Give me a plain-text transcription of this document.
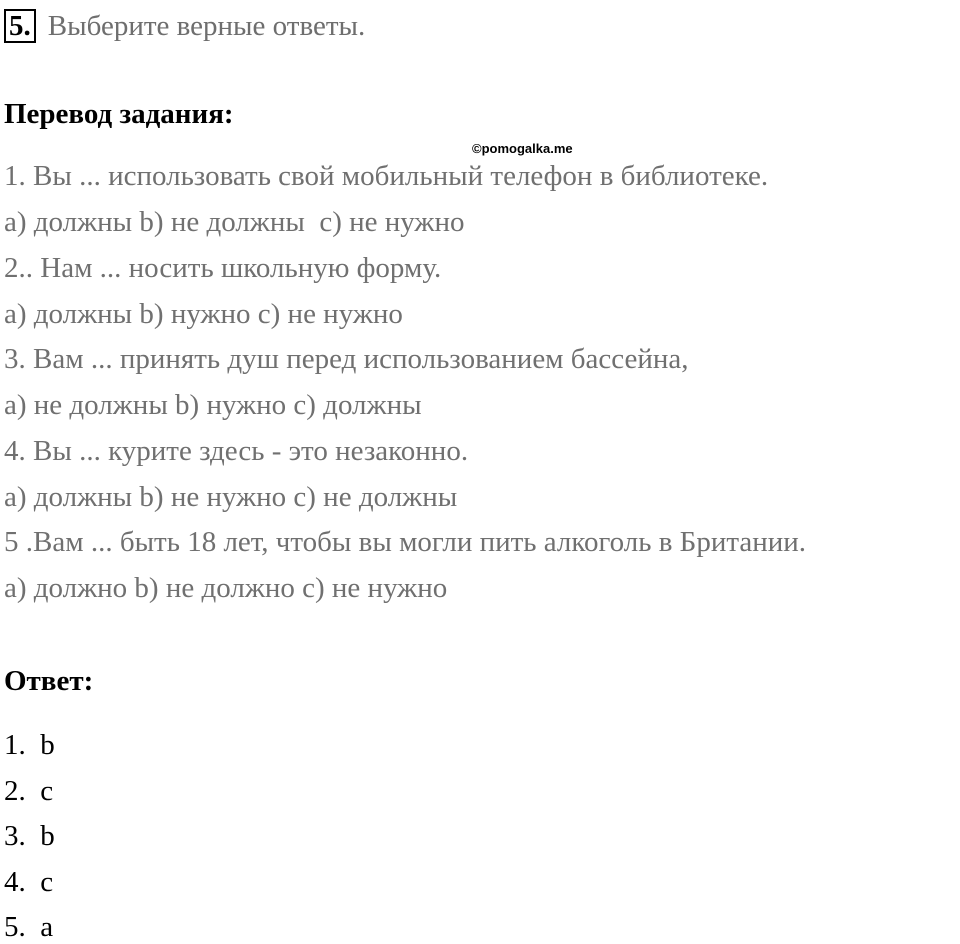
5. Выберите верные ответы.
Перевод задания:
©pomogalka.me
1. Вы ... использовать свой мобильный телефон в библиотеке.
a) должны b) не должны  c) не нужно
2.. Нам ... носить школьную форму.
a) должны b) нужно c) не нужно
3. Вам ... принять душ перед использованием бассейна,
a) не должны b) нужно c) должны
4. Вы ... курите здесь - это незаконно.
a) должны b) не нужно c) не должны
5 .Вам ... быть 18 лет, чтобы вы могли пить алкоголь в Британии.
a) должно b) не должно c) не нужно
Ответ:
1.  b
2.  c
3.  b
4.  c
5.  a
